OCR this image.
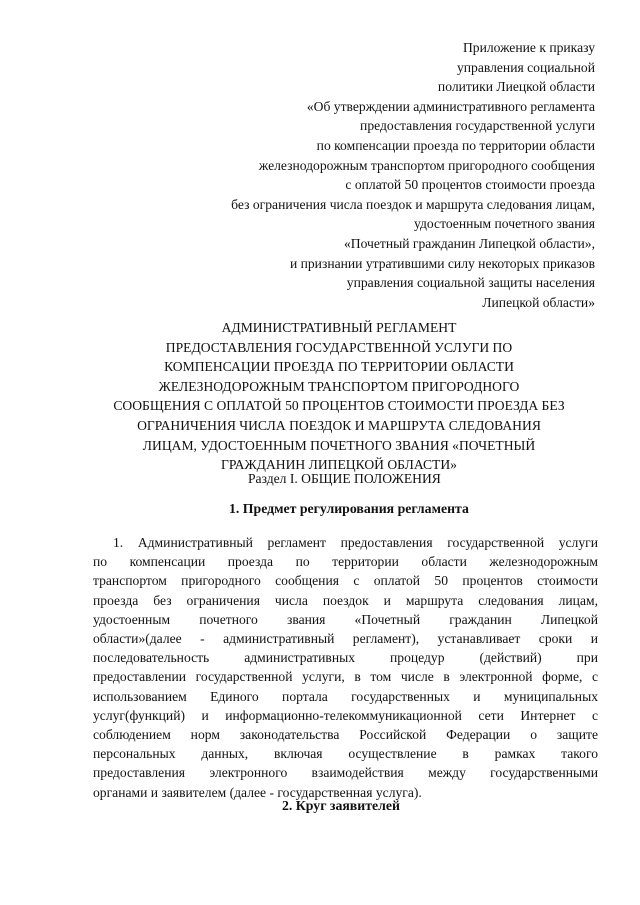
Приложение к приказу
управления социальной
политики Лиецкой области
«Об утверждении административного регламента
предоставления государственной услуги
по компенсации проезда по территории области
железнодорожным транспортом пригородного сообщения
с оплатой 50 процентов стоимости проезда
без ограничения числа поездок и маршрута следования лицам,
удостоенным почетного звания
«Почетный гражданин Липецкой области»,
и признании утратившими силу некоторых приказов
управления социальной защиты населения
Липецкой области»
АДМИНИСТРАТИВНЫЙ РЕГЛАМЕНТ
ПРЕДОСТАВЛЕНИЯ ГОСУДАРСТВЕННОЙ УСЛУГИ ПО
КОМПЕНСАЦИИ ПРОЕЗДА ПО ТЕРРИТОРИИ ОБЛАСТИ
ЖЕЛЕЗНОДОРОЖНЫМ ТРАНСПОРТОМ ПРИГОРОДНОГО
СООБЩЕНИЯ С ОПЛАТОЙ 50 ПРОЦЕНТОВ СТОИМОСТИ ПРОЕЗДА БЕЗ
ОГРАНИЧЕНИЯ ЧИСЛА ПОЕЗДОК И МАРШРУТА СЛЕДОВАНИЯ
ЛИЦАМ, УДОСТОЕННЫМ ПОЧЕТНОГО ЗВАНИЯ «ПОЧЕТНЫЙ
ГРАЖДАНИН ЛИПЕЦКОЙ ОБЛАСТИ»
Раздел I. ОБЩИЕ ПОЛОЖЕНИЯ
1. Предмет регулирования регламента
1. Административный регламент предоставления государственной услуги
по компенсации проезда по территории области железнодорожным
транспортом пригородного сообщения с оплатой 50 процентов стоимости
проезда без ограничения числа поездок и маршрута следования лицам,
удостоенным почетного звания «Почетный гражданин Липецкой
области»(далее - административный регламент), устанавливает сроки и
последовательность административных процедур (действий) при
предоставлении государственной услуги, в том числе в электронной форме, с
использованием Единого портала государственных и муниципальных
услуг(функций) и информационно-телекоммуникационной сети Интернет с
соблюдением норм законодательства Российской Федерации о защите
персональных данных, включая осуществление в рамках такого
предоставления электронного взаимодействия между государственными
органами и заявителем (далее - государственная услуга).
2. Круг заявителей
